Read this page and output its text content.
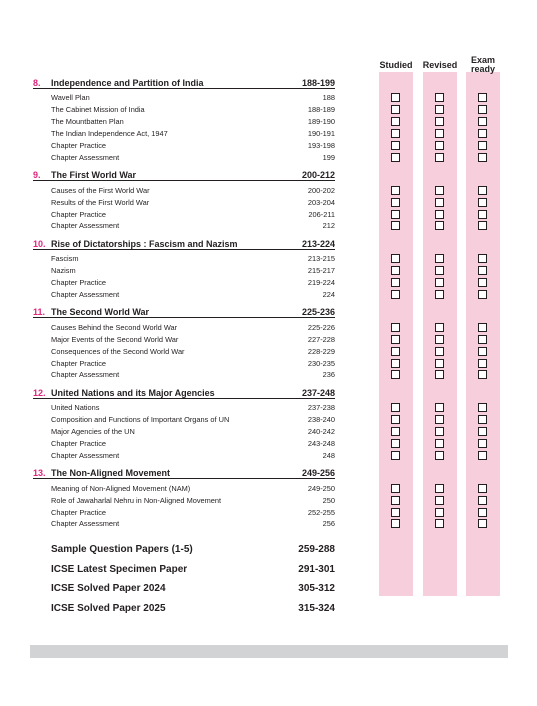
Studied	Revised	Exam ready
8.	Independence and Partition of India	188-199
Wavell Plan	188
The Cabinet Mission of India	188-189
The Mountbatten Plan	189-190
The Indian Independence Act, 1947	190-191
Chapter Practice	193-198
Chapter Assessment	199
9.	The First World War	200-212
Causes of the First World War	200-202
Results of the First World War	203-204
Chapter Practice	206-211
Chapter Assessment	212
10. Rise of Dictatorships : Fascism and Nazism	213-224
Fascism	213-215
Nazism	215-217
Chapter Practice	219-224
Chapter Assessment	224
11. The Second World War	225-236
Causes Behind the Second World War	225-226
Major Events of the Second World War	227-228
Consequences of the Second World War	228-229
Chapter Practice	230-235
Chapter Assessment	236
12. United Nations and its Major Agencies	237-248
United Nations	237-238
Composition and Functions of Important Organs of UN	238-240
Major Agencies of the UN	240-242
Chapter Practice	243-248
Chapter Assessment	248
13. The Non-Aligned Movement	249-256
Meaning of Non-Aligned Movement (NAM)	249-250
Role of Jawaharlal Nehru in Non-Aligned Movement	250
Chapter Practice	252-255
Chapter Assessment	256
Sample Question Papers (1-5)	259-288
ICSE Latest Specimen Paper	291-301
ICSE Solved Paper 2024	305-312
ICSE Solved Paper 2025	315-324
